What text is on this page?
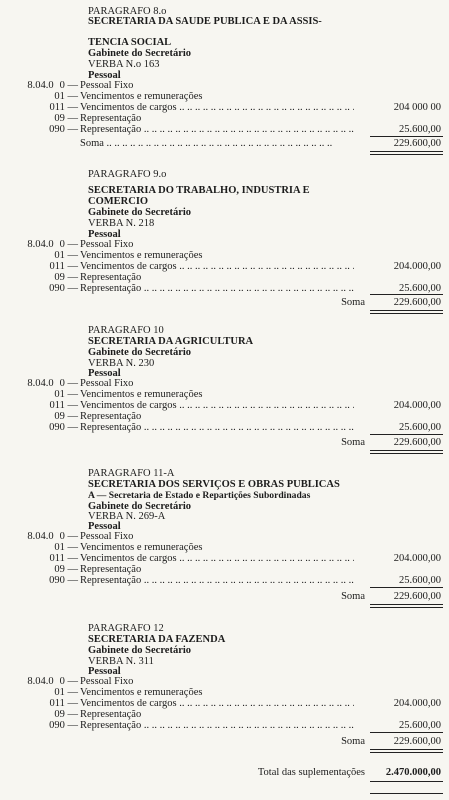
PARAGRAFO 8.o
SECRETARIA DA SAUDE PUBLICA E DA ASSIS-
TENCIA SOCIAL
Gabinete do Secretário
VERBA N.o 163
Pessoal
8.04.0 0 — Pessoal Fixo
01 — Vencimentos e remunerações
011 — Vencimentos de cargos .. ..	204 000 00
09 — Representação
090 — Representação .. ..	25.600,00
Soma .. ..	229.600,00
PARAGRAFO 9.o
SECRETARIA DO TRABALHO, INDUSTRIA E
COMERCIO
Gabinete do Secretário
VERBA N. 218
Pessoal
8.04.0 0 — Pessoal Fixo
01 — Vencimentos e remunerações
011 — Vencimentos de cargos .. ..	204.000,00
09 — Representação
090 — Representação .. ..	25.600,00
Soma	229.600,00
PARAGRAFO 10
SECRETARIA DA AGRICULTURA
Gabinete do Secretário
VERBA N. 230
Pessoal
8.04.0 0 — Pessoal Fixo
01 — Vencimentos e remunerações
011 — Vencimentos de cargos .. ..	204.000,00
09 — Representação
090 — Representação .. ..	25.600,00
Soma	229.600,00
PARAGRAFO 11-A
SECRETARIA DOS SERVIÇOS E OBRAS PUBLICAS
A — Secretaria de Estado e Repartições Subordinadas
Gabinete do Secretário
VERBA N. 269-A
Pessoal
8.04.0 0 — Pessoal Fixo
01 — Vencimentos e remunerações
011 — Vencimentos de cargos .. ..	204.000,00
09 — Representação
090 — Representação .. ..	25.600,00
Soma	229.600,00
PARAGRAFO 12
SECRETARIA DA FAZENDA
Gabinete do Secretário
VERBA N. 311
Pessoal
8.04.0 0 — Pessoal Fixo
01 — Vencimentos e remunerações
011 — Vencimentos de cargos .. ..	204.000,00
09 — Representação
090 — Representação .. ..	25.600,00
Soma	229.600,00
Total das suplementações	2.470.000,00
